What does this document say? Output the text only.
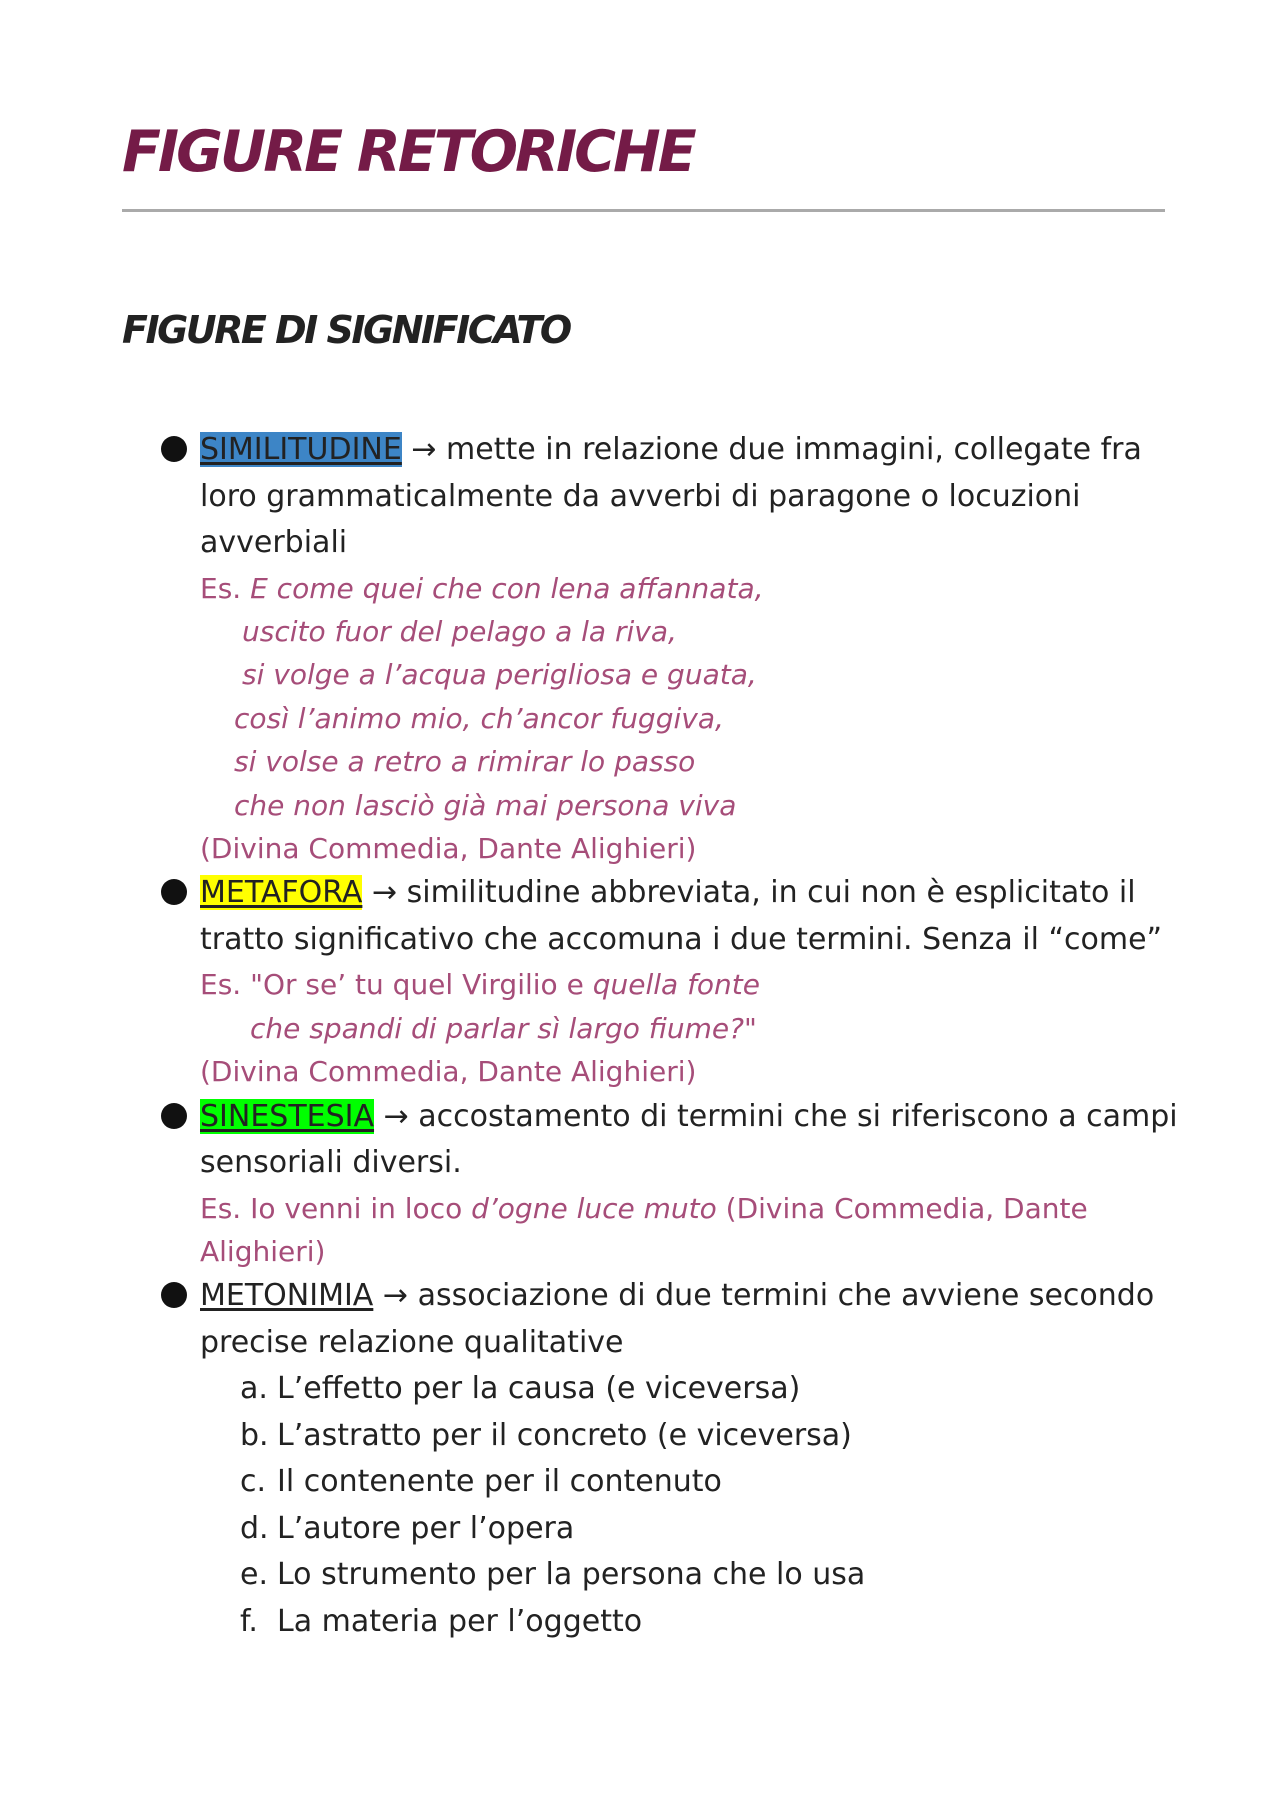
FIGURE RETORICHE
FIGURE DI SIGNIFICATO
SIMILITUDINE → mette in relazione due immagini, collegate fra loro grammaticalmente da avverbi di paragone o locuzioni avverbiali
Es. E come quei che con lena affannata,
uscito fuor del pelago a la riva,
si volge a l’acqua perigliosa e guata,
così l’animo mio, ch’ancor fuggiva,
si volse a retro a rimirar lo passo
che non lasciò già mai persona viva
(Divina Commedia, Dante Alighieri)
METAFORA → similitudine abbreviata, in cui non è esplicitato il tratto significativo che accomuna i due termini. Senza il “come”
Es. "Or se’ tu quel Virgilio e quella fonte
che spandi di parlar sì largo fiume?"
(Divina Commedia, Dante Alighieri)
SINESTESIA → accostamento di termini che si riferiscono a campi sensoriali diversi.
Es. Io venni in loco d’ogne luce muto (Divina Commedia, Dante Alighieri)
METONIMIA → associazione di due termini che avviene secondo precise relazione qualitative
a. L’effetto per la causa (e viceversa)
b. L’astratto per il concreto (e viceversa)
c. Il contenente per il contenuto
d. L’autore per l’opera
e. Lo strumento per la persona che lo usa
f. La materia per l’oggetto
